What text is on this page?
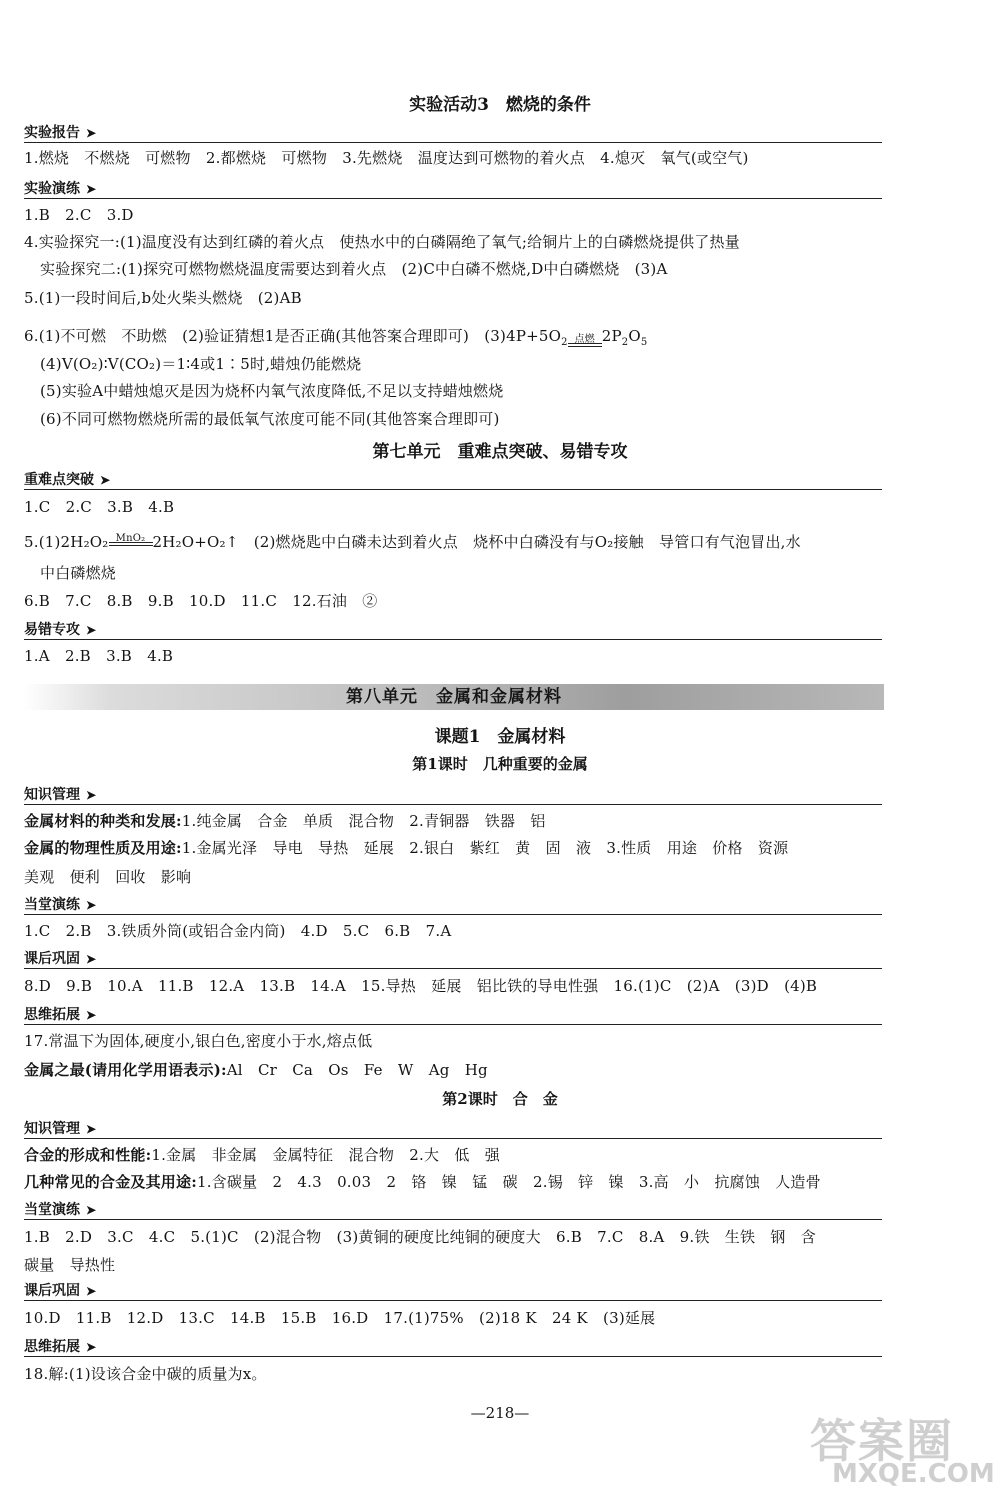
实验活动3　燃烧的条件
实验报告 ➤
1.燃烧　不燃烧　可燃物　2.都燃烧　可燃物　3.先燃烧　温度达到可燃物的着火点　4.熄灭　氧气(或空气)
实验演练 ➤
1.B　2.C　3.D
4.实验探究一:(1)温度没有达到红磷的着火点　使热水中的白磷隔绝了氧气;给铜片上的白磷燃烧提供了热量
实验探究二:(1)探究可燃物燃烧温度需要达到着火点　(2)C中白磷不燃烧,D中白磷燃烧　(3)A
5.(1)一段时间后,b处火柴头燃烧　(2)AB
6.(1)不可燃　不助燃　(2)验证猜想1是否正确(其他答案合理即可)　$(3)4P+5O_2$ 点燃 $2P_2O_5$
(4)V(O₂)∶V(CO₂)＝1∶4或1∶5时,蜡烛仍能燃烧
(5)实验A中蜡烛熄灭是因为烧杯内氧气浓度降低,不足以支持蜡烛燃烧
(6)不同可燃物燃烧所需的最低氧气浓度可能不同(其他答案合理即可)
第七单元　重难点突破、易错专攻
重难点突破 ➤
1.C　2.C　3.B　4.B
5.(1)2H₂O₂ MnO₂ 2H₂O+O₂↑　(2)燃烧匙中白磷未达到着火点　烧杯中白磷没有与O₂接触　导管口有气泡冒出,水
中白磷燃烧
6.B　7.C　8.B　9.B　10.D　11.C　12.石油　②
易错专攻 ➤
1.A　2.B　3.B　4.B
第八单元　金属和金属材料
课题1　金属材料
第1课时　几种重要的金属
知识管理 ➤
金属材料的种类和发展:1.纯金属　合金　单质　混合物　2.青铜器　铁器　铝
金属的物理性质及用途:1.金属光泽　导电　导热　延展　2.银白　紫红　黄　固　液　3.性质　用途　价格　资源
美观　便利　回收　影响
当堂演练 ➤
1.C　2.B　3.铁质外筒(或铝合金内筒)　4.D　5.C　6.B　7.A
课后巩固 ➤
8.D　9.B　10.A　11.B　12.A　13.B　14.A　15.导热　延展　铝比铁的导电性强　16.(1)C　(2)A　(3)D　(4)B
思维拓展 ➤
17.常温下为固体,硬度小,银白色,密度小于水,熔点低
金属之最(请用化学用语表示):Al　Cr　Ca　Os　Fe　W　Ag　Hg
第2课时　合　金
知识管理 ➤
合金的形成和性能:1.金属　非金属　金属特征　混合物　2.大　低　强
几种常见的合金及其用途:1.含碳量　2　4.3　0.03　2　铬　镍　锰　碳　2.锡　锌　镍　3.高　小　抗腐蚀　人造骨
当堂演练 ➤
1.B　2.D　3.C　4.C　5.(1)C　(2)混合物　(3)黄铜的硬度比纯铜的硬度大　6.B　7.C　8.A　9.铁　生铁　钢　含
碳量　导热性
课后巩固 ➤
10.D　11.B　12.D　13.C　14.B　15.B　16.D　17.(1)75%　(2)18 K　24 K　(3)延展
思维拓展 ➤
18.解:(1)设该合金中碳的质量为x。
—218—
答案圈
MXQE.COM
